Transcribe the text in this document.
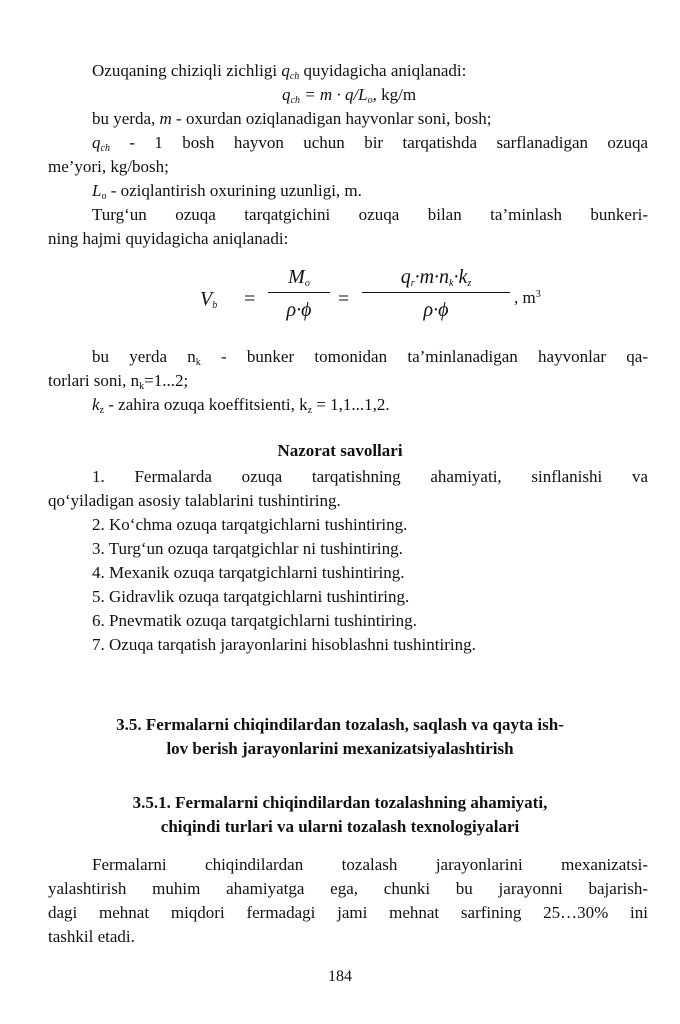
Ozuqaning chiziqli zichligi $q_{ch}$ quyidagicha aniqlanadi:
$q_{ch} = m \cdot q/L_o$, kg/m
bu yerda, m - oxurdan oziqlanadigan hayvonlar soni, bosh;
$q_{ch} - 1$ bosh hayvon uchun bir tarqatishda sarflanadigan ozuqa
me’yori, kg/bosh;
$L_o$ - oziqlantirish oxurining uzunligi, m.
Turg‘un ozuqa tarqatgichini ozuqa bilan ta’minlash bunkeri-
ning hajmi quyidagicha aniqlanadi:
$V_b$ =
$M_o$
ρ·ϕ	=
$q_r\cdot m\cdot n_k\cdot k_z$
ρ·ϕ
, $m^3$
bu yerda $n_k$ - bunker tomonidan ta’minlanadigan hayvonlar qa-
torlari soni, $n_k=1...2$;
$k_z$ - zahira ozuqa koeffitsienti, $k_z = 1,1...1,2$.
Nazorat savollari
1. Fermalarda ozuqa tarqatishning ahamiyati, sinflanishi va
qo‘yiladigan asosiy talablarini tushintiring.
2. Ko‘chma ozuqa tarqatgichlarni tushintiring.
3. Turg‘un ozuqa tarqatgichlar ni tushintiring.
4. Mexanik ozuqa tarqatgichlarni tushintiring.
5. Gidravlik ozuqa tarqatgichlarni tushintiring.
6. Pnevmatik ozuqa tarqatgichlarni tushintiring.
7. Ozuqa tarqatish jarayonlarini hisoblashni tushintiring.
3.5. Fermalarni chiqindilardan tozalash, saqlash va qayta ish-
lov berish jarayonlarini mexanizatsiyalashtirish
3.5.1. Fermalarni chiqindilardan tozalashning ahamiyati,
chiqindi turlari va ularni tozalash texnologiyalari
Fermalarni chiqindilardan tozalash jarayonlarini mexanizatsi-
yalashtirish muhim ahamiyatga ega, chunki bu jarayonni bajarish-
dagi mehnat miqdori fermadagi jami mehnat sarfining 25…30% ini
tashkil etadi.
184
